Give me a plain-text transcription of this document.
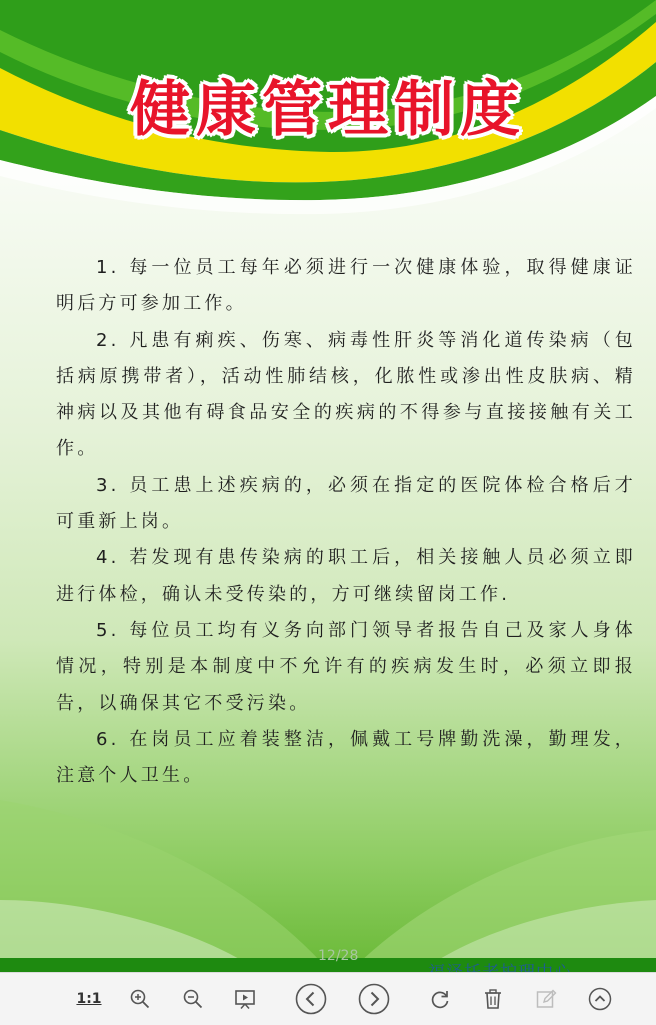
健康管理制度

1. 每一位员工每年必须进行一次健康体验，取得健康证明后方可参加工作。

2. 凡患有痢疾、伤寒、病毒性肝炎等消化道传染病（包括病原携带者），活动性肺结核，化脓性或渗出性皮肤病、精神病以及其他有碍食品安全的疾病的不得参与直接接触有关工作。

3. 员工患上述疾病的，必须在指定的医院体检合格后才可重新上岗。

4. 若发现有患传染病的职工后，相关接触人员必须立即进行体检，确认未受传染的，方可继续留岗工作.

5. 每位员工均有义务向部门领导者报告自己及家人身体情况，特别是本制度中不允许有的疾病发生时，必须立即报告，以确保其它不受污染。

6. 在岗员工应着装整洁，佩戴工号牌勤洗澡，勤理发，注意个人卫生。

12/28
1:1
